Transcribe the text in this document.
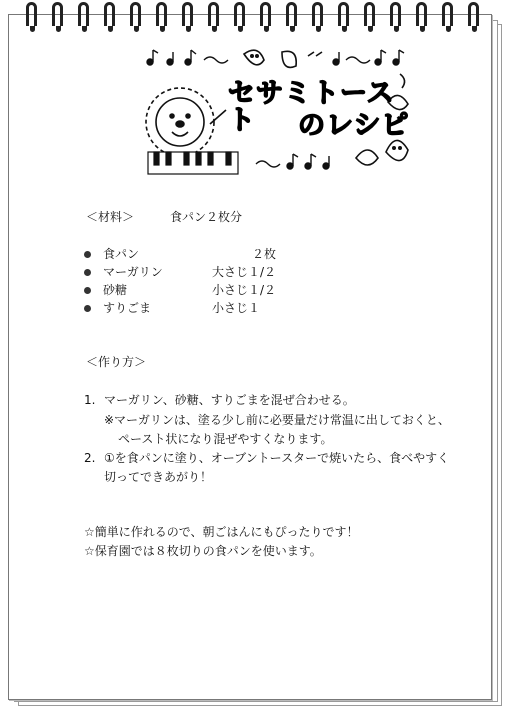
セサミトースト	のレシピ
＜材料＞	食パン２枚分
食パン	２枚
マーガリン	大さじ１/２
砂糖	小さじ１/２
すりごま	小さじ１
＜作り方＞
1. マーガリン、砂糖、すりごまを混ぜ合わせる。
※マーガリンは、塗る少し前に必要量だけ常温に出しておくと、
ペースト状になり混ぜやすくなります。
2. ①を食パンに塗り、オーブントースターで焼いたら、食べやすく
切ってできあがり！
☆簡単に作れるので、朝ごはんにもぴったりです！
☆保育園では８枚切りの食パンを使います。
